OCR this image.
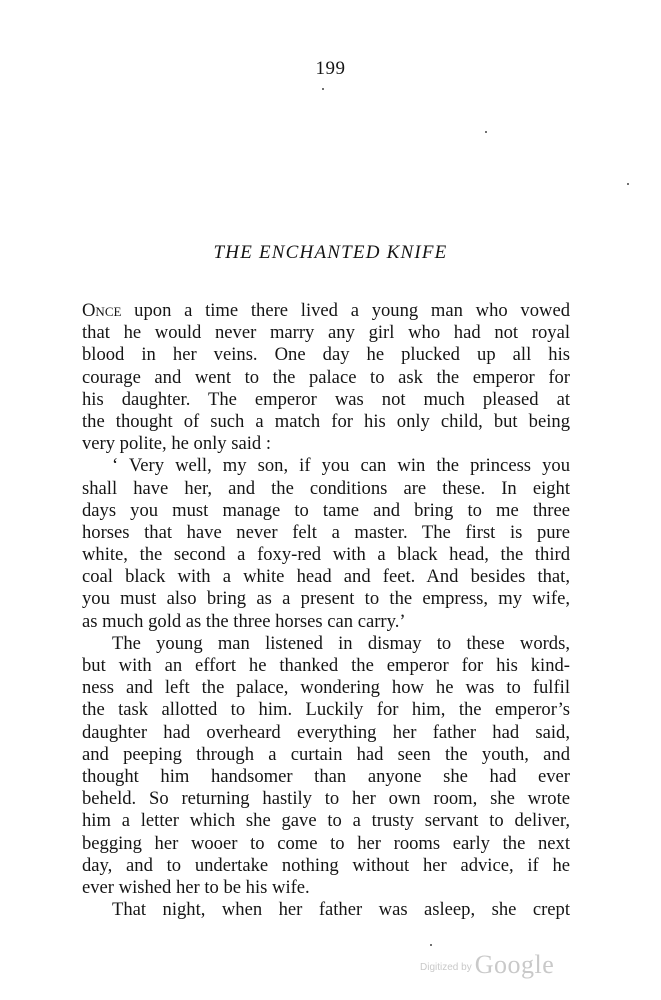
199
THE ENCHANTED KNIFE
Once upon a time there lived a young man who vowed
that he would never marry any girl who had not royal
blood in her veins. One day he plucked up all his
courage and went to the palace to ask the emperor for
his daughter. The emperor was not much pleased at
the thought of such a match for his only child, but being
very polite, he only said :
‘ Very well, my son, if you can win the princess you
shall have her, and the conditions are these. In eight
days you must manage to tame and bring to me three
horses that have never felt a master. The first is pure
white, the second a foxy-red with a black head, the third
coal black with a white head and feet. And besides that,
you must also bring as a present to the empress, my wife,
as much gold as the three horses can carry.’
The young man listened in dismay to these words,
but with an effort he thanked the emperor for his kind-
ness and left the palace, wondering how he was to fulfil
the task allotted to him. Luckily for him, the emperor’s
daughter had overheard everything her father had said,
and peeping through a curtain had seen the youth, and
thought him handsomer than anyone she had ever
beheld. So returning hastily to her own room, she wrote
him a letter which she gave to a trusty servant to deliver,
begging her wooer to come to her rooms early the next
day, and to undertake nothing without her advice, if he
ever wished her to be his wife.
That night, when her father was asleep, she crept
Digitized by Google
